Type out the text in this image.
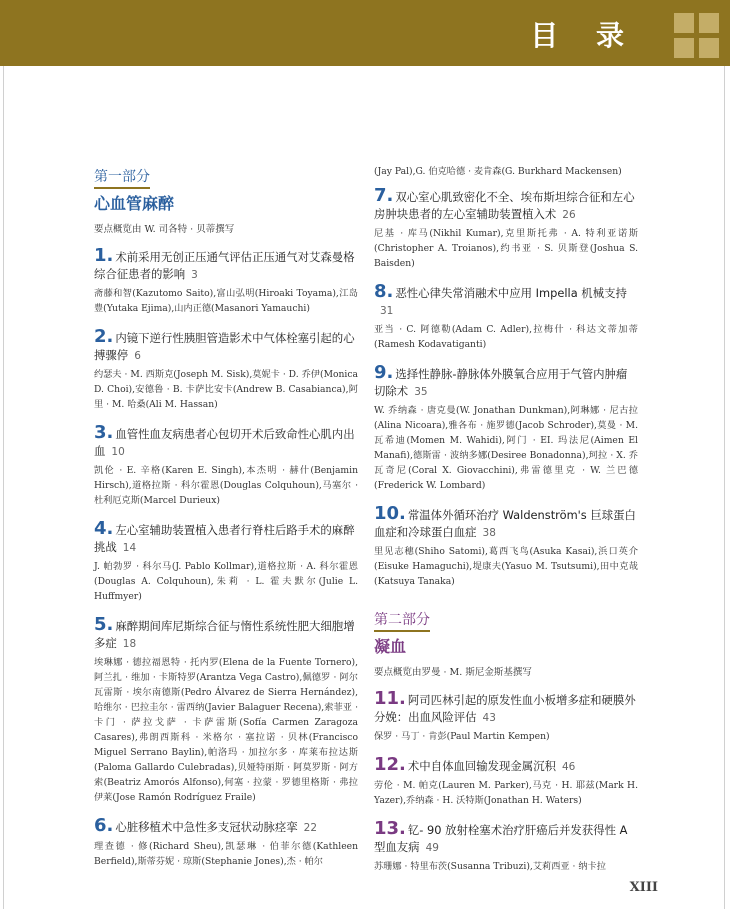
目 录
第一部分
心血管麻醉
要点概览由 W. 司各特 · 贝蒂撰写
1. 术前采用无创正压通气评估正压通气对艾森曼格综合征患者的影响 3
斋藤和智(Kazutomo Saito),富山弘明(Hiroaki Toyama),江岛豊(Yutaka Ejima),山内正德(Masanori Yamauchi)
2. 内镜下逆行性胰胆管造影术中气体栓塞引起的心搏骤停 6
约瑟夫 · M. 西斯克(Joseph M. Sisk),莫妮卡 · D. 乔伊(Monica D. Choi),安德鲁 · B. 卡萨比安卡(Andrew B. Casabianca),阿里 · M. 哈桑(Ali M. Hassan)
3. 血管性血友病患者心包切开术后致命性心肌内出血 10
凯伦 · E. 辛格(Karen E. Singh),本杰明 · 赫什(Benjamin Hirsch),道格拉斯 · 科尔霍恩(Douglas Colquhoun),马塞尔 · 杜利厄克斯(Marcel Durieux)
4. 左心室辅助装置植入患者行脊柱后路手术的麻醉挑战 14
J. 帕勃罗 · 科尔马(J. Pablo Kollmar),道格拉斯 · A. 科尔霍恩(Douglas A. Colquhoun),朱莉 · L. 霍夫默尔(Julie L. Huffmyer)
5. 麻醉期间库尼斯综合征与惰性系统性肥大细胞增多症 18
埃琳娜 · 德拉福恩特 · 托内罗(Elena de la Fuente Tornero),阿兰扎 · 维加 · 卡斯特罗(Arantza Vega Castro),佩德罗 · 阿尔瓦雷斯 · 埃尔南德斯(Pedro Álvarez de Sierra Hernández),哈维尔 · 巴拉圭尔 · 雷西纳(Javier Balaguer Recena),索菲亚 · 卡门 · 萨拉戈萨 · 卡萨雷斯(Sofía Carmen Zaragoza Casares),弗朗西斯科 · 米格尔 · 塞拉诺 · 贝林(Francisco Miguel Serrano Baylin),帕洛玛 · 加拉尔多 · 库莱布拉达斯(Paloma Gallardo Culebradas),贝娅特丽斯 · 阿莫罗斯 · 阿方索(Beatriz Amorós Alfonso),何塞 · 拉蒙 · 罗德里格斯 · 弗拉伊莱(Jose Ramón Rodríguez Fraile)
6. 心脏移植术中急性多支冠状动脉痉挛 22
理查德 · 修(Richard Sheu),凯瑟琳 · 伯菲尔德(Kathleen Berfield),斯蒂芬妮 · 琼斯(Stephanie Jones),杰 · 帕尔
(Jay Pal),G. 伯克哈德 · 麦肯森(G. Burkhard Mackensen)
7. 双心室心肌致密化不全、埃布斯坦综合征和左心房肿块患者的左心室辅助装置植入术 26
尼基 · 库马(Nikhil Kumar),克里斯托弗 · A. 特利亚诺斯(Christopher A. Troianos),约书亚 · S. 贝斯登(Joshua S. Baisden)
8. 恶性心律失常消融术中应用 Impella 机械支持31
亚当 · C. 阿德勒(Adam C. Adler),拉梅什 · 科达文蒂加蒂(Ramesh Kodavatiganti)
9. 选择性静脉-静脉体外膜氧合应用于气管内肿瘤切除术 35
W. 乔纳森 · 唐克曼(W. Jonathan Dunkman),阿琳娜 · 尼古拉(Alina Nicoara),雅各布 · 施罗德(Jacob Schroder),莫曼 · M. 瓦希迪(Momen M. Wahidi),阿门 · EI. 玛法尼(Aimen El Manafi),德斯雷 · 波纳多娜(Desiree Bonadonna),珂拉 · X. 乔瓦奇尼(Coral X. Giovacchini),弗雷德里克 · W. 兰巴德(Frederick W. Lombard)
10. 常温体外循环治疗 Waldenström's 巨球蛋白血症和冷球蛋白血症 38
里见志穗(Shiho Satomi),葛西飞鸟(Asuka Kasai),浜口英介(Eisuke Hamaguchi),堤康夫(Yasuo M. Tsutsumi),田中克哉(Katsuya Tanaka)
第二部分
凝血
要点概览由罗曼 · M. 斯尼金斯基撰写
11. 阿司匹林引起的原发性血小板增多症和硬膜外分娩：出血风险评估 43
保罗 · 马丁 · 肯彭(Paul Martin Kempen)
12. 术中自体血回输发现金属沉积 46
劳伦 · M. 帕克(Lauren M. Parker),马克 · H. 耶兹(Mark H. Yazer),乔纳森 · H. 沃特斯(Jonathan H. Waters)
13. 钇- 90 放射栓塞术治疗肝癌后并发获得性 A 型血友病 49
苏珊娜 · 特里布茨(Susanna Tribuzi),艾莉西亚 · 纳卡拉
XIII
